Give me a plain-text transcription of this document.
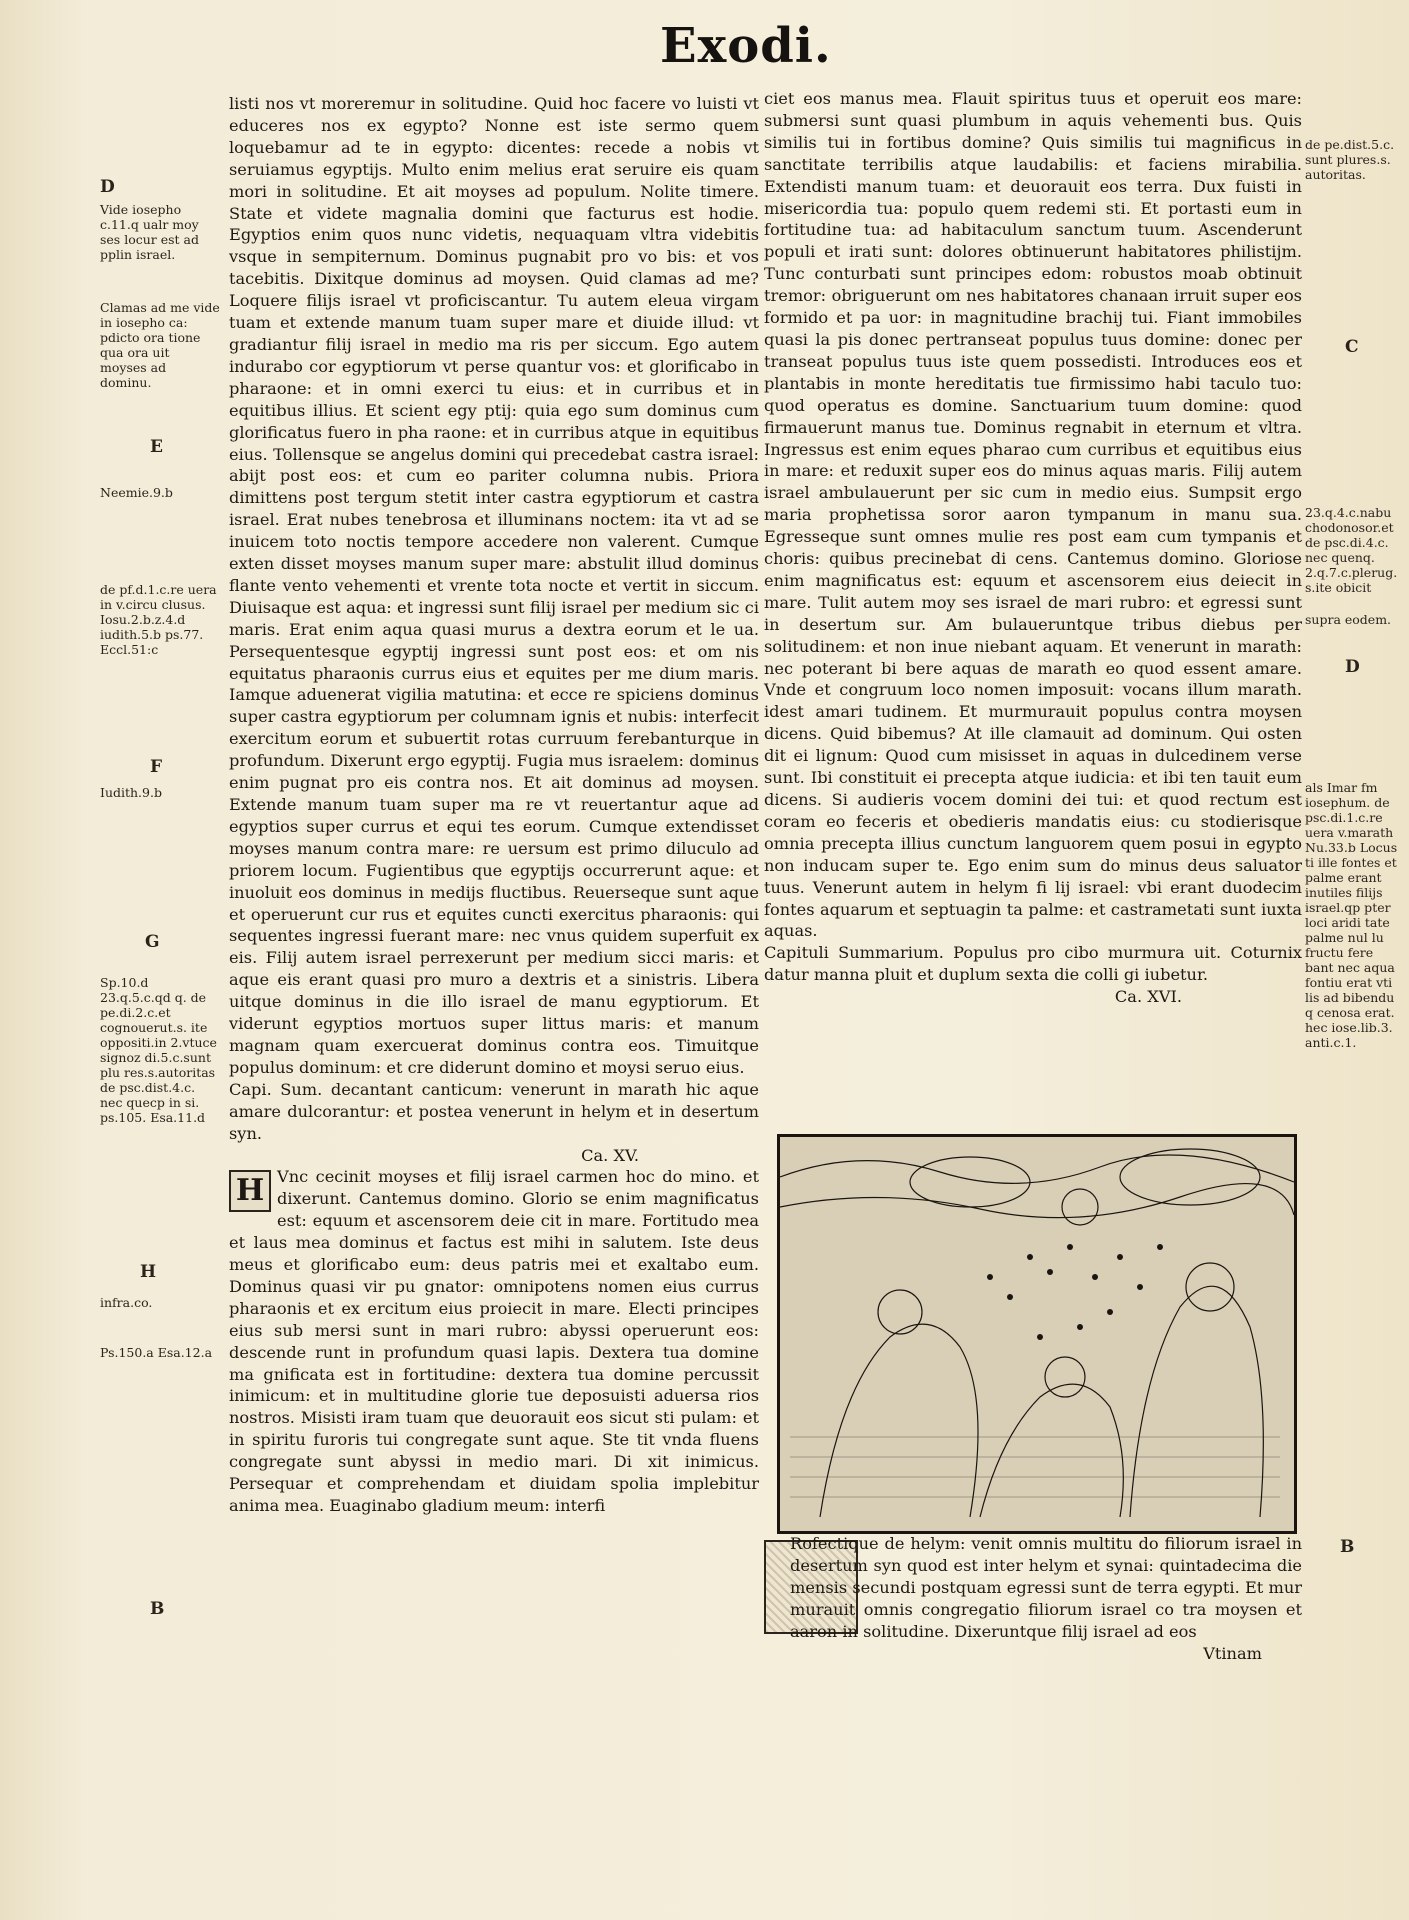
Exodi.
D
Vide iosepho c.11.q ualr moy ses locur est ad pplin israel.
Clamas ad me vide in iosepho ca: pdicto ora tione qua ora uit moyses ad dominu.
E
Neemie.9.b
de pf.d.1.c.re uera in v.circu clusus. Iosu.2.b.z.4.d iudith.5.b ps.77. Eccl.51:c
F
Iudith.9.b
G
Sp.10.d 23.q.5.c.qd q. de pe.di.2.c.et cognouerut.s. ite oppositi.in 2.vtuce signoz di.5.c.sunt plu res.s.autoritas de psc.dist.4.c. nec quecp in si. ps.105. Esa.11.d
H
infra.co.
Ps.150.a Esa.12.a
B
de pe.dist.5.c. sunt plures.s. autoritas.
C
23.q.4.c.nabu chodonosor.et de psc.di.4.c. nec quenq. 2.q.7.c.plerug. s.ite obicit
supra eodem.
D
als Imar fm iosephum. de psc.di.1.c.re uera v.marath Nu.33.b Locus ti ille fontes et palme erant inutiles filijs israel.qp pter loci aridi tate palme nul lu fructu fere bant nec aqua fontiu erat vti lis ad bibendu q cenosa erat. hec iose.lib.3. anti.c.1.
B

listi nos vt moreremur in solitudine. Quid hoc facere vo luisti vt educeres nos ex egypto? Nonne est iste sermo quem loquebamur ad te in egypto: dicentes: recede a nobis vt seruiamus egyptijs. Multo enim melius erat seruire eis quam mori in solitudine. Et ait moyses ad populum. Nolite timere. State et videte magnalia domini que facturus est hodie. Egyptios enim quos nunc videtis, nequaquam vltra videbitis vsque in sempiternum. Dominus pugnabit pro vo bis: et vos tacebitis. Dixitque dominus ad moysen. Quid clamas ad me? Loquere filijs israel vt proficiscantur. Tu autem eleua virgam tuam et extende manum tuam super mare et diuide illud: vt gradiantur filij israel in medio ma ris per siccum. Ego autem indurabo cor egyptiorum vt perse quantur vos: et glorificabo in pharaone: et in omni exerci tu eius: et in curribus et in equitibus illius. Et scient egy ptij: quia ego sum dominus cum glorificatus fuero in pha raone: et in curribus atque in equitibus eius. Tollensque se angelus domini qui precedebat castra israel: abijt post eos: et cum eo pariter columna nubis. Priora dimittens post tergum stetit inter castra egyptiorum et castra israel. Erat nubes tenebrosa et illuminans noctem: ita vt ad se inuicem toto noctis tempore accedere non valerent. Cumque exten disset moyses manum super mare: abstulit illud dominus flante vento vehementi et vrente tota nocte et vertit in siccum. Diuisaque est aqua: et ingressi sunt filij israel per medium sic ci maris. Erat enim aqua quasi murus a dextra eorum et le ua. Persequentesque egyptij ingressi sunt post eos: et om nis equitatus pharaonis currus eius et equites per me dium maris. Iamque aduenerat vigilia matutina: et ecce re spiciens dominus super castra egyptiorum per columnam ignis et nubis: interfecit exercitum eorum et subuertit rotas curruum ferebanturque in profundum. Dixerunt ergo egyptij. Fugia mus israelem: dominus enim pugnat pro eis contra nos. Et ait dominus ad moysen. Extende manum tuam super ma re vt reuertantur aque ad egyptios super currus et equi tes eorum. Cumque extendisset moyses manum contra mare: re uersum est primo diluculo ad priorem locum. Fugientibus que egyptijs occurrerunt aque: et inuoluit eos dominus in medijs fluctibus. Reuerseque sunt aque et operuerunt cur rus et equites cuncti exercitus pharaonis: qui sequentes ingressi fuerant mare: nec vnus quidem superfuit ex eis. Filij autem israel perrexerunt per medium sicci maris: et aque eis erant quasi pro muro a dextris et a sinistris. Libera uitque dominus in die illo israel de manu egyptiorum. Et viderunt egyptios mortuos super littus maris: et manum magnam quam exercuerat dominus contra eos. Timuitque populus dominum: et cre diderunt domino et moysi seruo eius.

Capi. Sum. decantant canticum: venerunt in marath hic aque amare dulcorantur: et postea venerunt in helym et in desertum syn.
Ca. XV.

H Vnc cecinit moyses et filij israel carmen hoc do mino. et dixerunt. Cantemus domino. Glorio se enim magnificatus est: equum et ascensorem deie cit in mare. Fortitudo mea et laus mea dominus et factus est mihi in salutem. Iste deus meus et glorificabo eum: deus patris mei et exaltabo eum. Dominus quasi vir pu gnator: omnipotens nomen eius currus pharaonis et ex ercitum eius proiecit in mare. Electi principes eius sub mersi sunt in mari rubro: abyssi operuerunt eos: descende runt in profundum quasi lapis. Dextera tua domine ma gnificata est in fortitudine: dextera tua domine percussit inimicum: et in multitudine glorie tue deposuisti aduersa rios nostros. Misisti iram tuam que deuorauit eos sicut sti pulam: et in spiritu furoris tui congregate sunt aque. Ste tit vnda fluens congregate sunt abyssi in medio mari. Di xit inimicus. Persequar et comprehendam et diuidam spolia implebitur anima mea. Euaginabo gladium meum: interfi

ciet eos manus mea. Flauit spiritus tuus et operuit eos mare: submersi sunt quasi plumbum in aquis vehementi bus. Quis similis tui in fortibus domine? Quis similis tui magnificus in sanctitate terribilis atque laudabilis: et faciens mirabilia. Extendisti manum tuam: et deuorauit eos terra. Dux fuisti in misericordia tua: populo quem redemi sti. Et portasti eum in fortitudine tua: ad habitaculum sanctum tuum. Ascenderunt populi et irati sunt: dolores obtinuerunt habitatores philistijm. Tunc conturbati sunt principes edom: robustos moab obtinuit tremor: obriguerunt om nes habitatores chanaan irruit super eos formido et pa uor: in magnitudine brachij tui. Fiant immobiles quasi la pis donec pertranseat populus tuus domine: donec per transeat populus tuus iste quem possedisti. Introduces eos et plantabis in monte hereditatis tue firmissimo habi taculo tuo: quod operatus es domine. Sanctuarium tuum domine: quod firmauerunt manus tue. Dominus regnabit in eternum et vltra. Ingressus est enim eques pharao cum curribus et equitibus eius in mare: et reduxit super eos do minus aquas maris. Filij autem israel ambulauerunt per sic cum in medio eius. Sumpsit ergo maria prophetissa soror aaron tympanum in manu sua. Egresseque sunt omnes mulie res post eam cum tympanis et choris: quibus precinebat di cens. Cantemus domino. Gloriose enim magnificatus est: equum et ascensorem eius deiecit in mare. Tulit autem moy ses israel de mari rubro: et egressi sunt in desertum sur. Am bulaueruntque tribus diebus per solitudinem: et non inue niebant aquam. Et venerunt in marath: nec poterant bi bere aquas de marath eo quod essent amare. Vnde et congruum loco nomen imposuit: vocans illum marath. idest amari tudinem. Et murmurauit populus contra moysen dicens. Quid bibemus? At ille clamauit ad dominum. Qui osten dit ei lignum: Quod cum misisset in aquas in dulcedinem verse sunt. Ibi constituit ei precepta atque iudicia: et ibi ten tauit eum dicens. Si audieris vocem domini dei tui: et quod rectum est coram eo feceris et obedieris mandatis eius: cu stodierisque omnia precepta illius cunctum languorem quem posui in egypto non inducam super te. Ego enim sum do minus deus saluator tuus. Venerunt autem in helym fi lij israel: vbi erant duodecim fontes aquarum et septuagin ta palme: et castrametati sunt iuxta aquas.

Capituli Summarium. Populus pro cibo murmura uit. Coturnix datur manna pluit et duplum sexta die colli gi iubetur.
Ca. XVI.

Rofectique de helym: venit omnis multitu do filiorum israel in desertum syn quod est inter helym et synai: quintadecima die mensis secundi postquam egressi sunt de terra egypti. Et mur murauit omnis congregatio filiorum israel co tra moysen et aaron in solitudine. Dixeruntque filij israel ad eos

Vtinam
